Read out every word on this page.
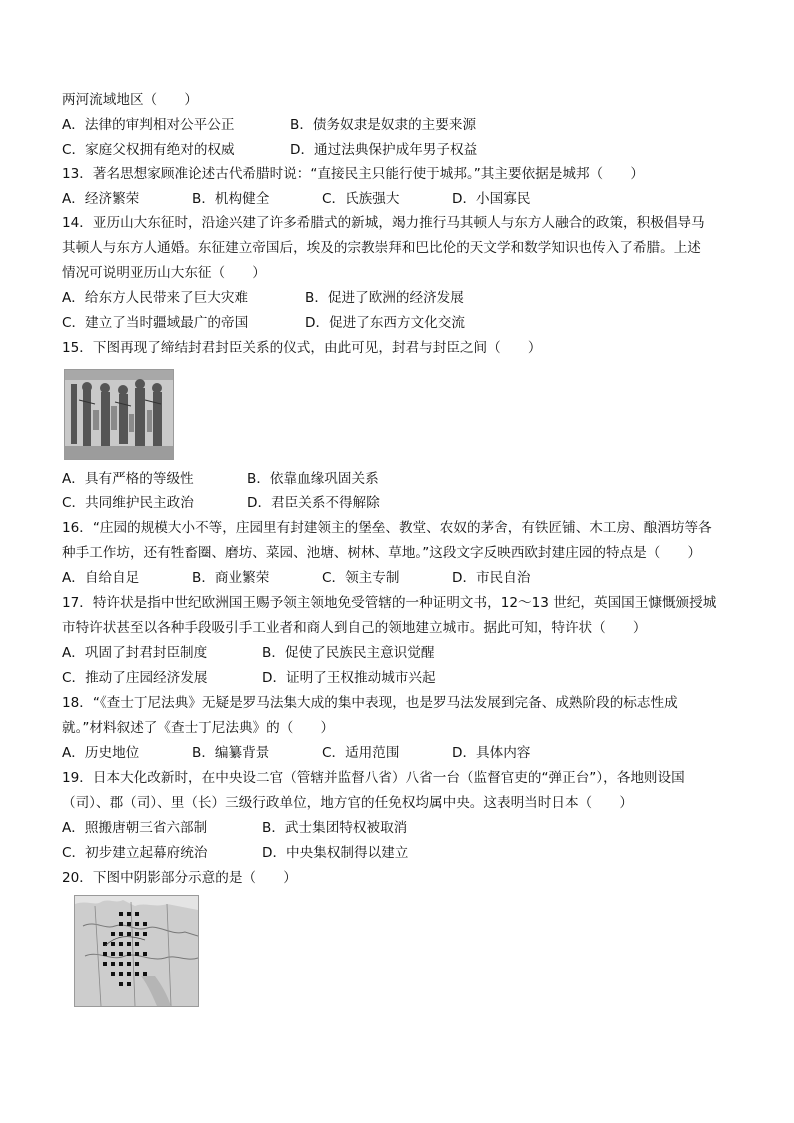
两河流域地区（　　）
A．法律的审判相对公平公正	B．债务奴隶是奴隶的主要来源
C．家庭父权拥有绝对的权威	D．通过法典保护成年男子权益
13．著名思想家顾准论述古代希腊时说：“直接民主只能行使于城邦。”其主要依据是城邦（　　）
A．经济繁荣	B．机构健全	C．氏族强大	D．小国寡民
14．亚历山大东征时，沿途兴建了许多希腊式的新城，竭力推行马其顿人与东方人融合的政策，积极倡导马
其顿人与东方人通婚。东征建立帝国后，埃及的宗教崇拜和巴比伦的天文学和数学知识也传入了希腊。上述
情况可说明亚历山大东征（　　）
A．给东方人民带来了巨大灾难	B．促进了欧洲的经济发展
C．建立了当时疆域最广的帝国	D．促进了东西方文化交流
15．下图再现了缔结封君封臣关系的仪式，由此可见，封君与封臣之间（　　）
A．具有严格的等级性	B．依靠血缘巩固关系
C．共同维护民主政治	D．君臣关系不得解除
16．“庄园的规模大小不等，庄园里有封建领主的堡垒、教堂、农奴的茅舍，有铁匠铺、木工房、酿酒坊等各
种手工作坊，还有牲畜圈、磨坊、菜园、池塘、树林、草地。”这段文字反映西欧封建庄园的特点是（　　）
A．自给自足	B．商业繁荣	C．领主专制	D．市民自治
17．特许状是指中世纪欧洲国王赐予领主领地免受管辖的一种证明文书，12～13 世纪，英国国王慷慨颁授城
市特许状甚至以各种手段吸引手工业者和商人到自己的领地建立城市。据此可知，特许状（　　）
A．巩固了封君封臣制度	B．促使了民族民主意识觉醒
C．推动了庄园经济发展	D．证明了王权推动城市兴起
18．“《查士丁尼法典》无疑是罗马法集大成的集中表现，也是罗马法发展到完备、成熟阶段的标志性成
就。”材料叙述了《查士丁尼法典》的（　　）
A．历史地位	B．编纂背景	C．适用范围	D．具体内容
19．日本大化改新时，在中央设二官（管辖并监督八省）八省一台（监督官吏的“弹正台”），各地则设国
（司）、郡（司）、里（长）三级行政单位，地方官的任免权均属中央。这表明当时日本（　　）
A．照搬唐朝三省六部制	B．武士集团特权被取消
C．初步建立起幕府统治	D．中央集权制得以建立
20．下图中阴影部分示意的是（　　）
